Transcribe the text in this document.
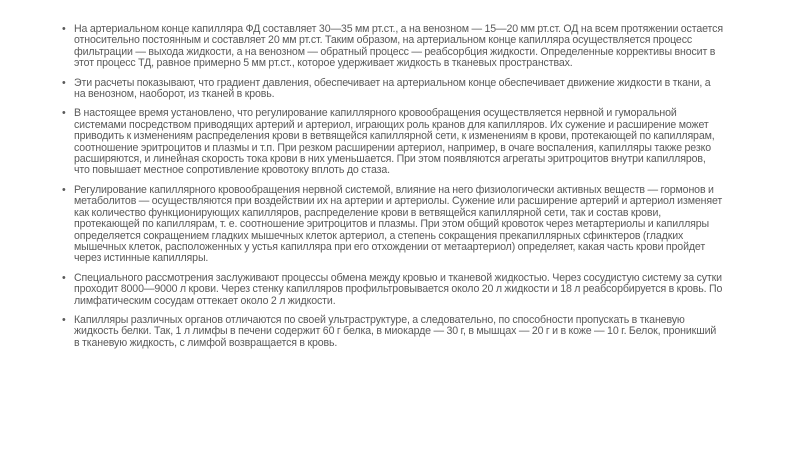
• На артериальном конце капилляра ФД составляет 30—35 мм рт.ст., а на венозном — 15—20 мм рт.ст. ОД на всем протяжении остается относительно постоянным и составляет 20 мм рт.ст. Таким образом, на артериальном конце капилляра осуществляется процесс фильтрации — выхода жидкости, а на венозном — обратный процесс — реабсорбция жидкости. Определенные коррективы вносит в этот процесс ТД, равное примерно 5 мм рт.ст., которое удерживает жидкость в тканевых пространствах.
• Эти расчеты показывают, что градиент давления, обеспечивает на артериальном конце обеспечивает движение жидкости в ткани, а на венозном, наоборот, из тканей в кровь.
• В настоящее время установлено, что регулирование капиллярного кровообращения осуществляется нервной и гуморальной системами посредством приводящих артерий и артериол, играющих роль кранов для капилляров. Их сужение и расширение может приводить к изменениям распределения крови в ветвящейся капиллярной сети, к изменениям в крови, протекающей по капиллярам, соотношение эритроцитов и плазмы и т.п. При резком расширении артериол, например, в очаге воспаления, капилляры также резко расширяются, и линейная скорость тока крови в них уменьшается. При этом появляются агрегаты эритроцитов внутри капилляров, что повышает местное сопротивление кровотоку вплоть до стаза.
• Регулирование капиллярного кровообращения нервной системой, влияние на него физиологически активных веществ — гормонов и метаболитов — осуществляются при воздействии их на артерии и артериолы. Сужение или расширение артерий и артериол изменяет как количество функционирующих капилляров, распределение крови в ветвящейся капиллярной сети, так и состав крови, протекающей по капиллярам, т. е. соотношение эритроцитов и плазмы. При этом общий кровоток через метартериолы и капилляры определяется сокращением гладких мышечных клеток артериол, а степень сокращения прекапиллярных сфинктеров (гладких мышечных клеток, расположенных у устья капилляра при его отхождении от метаартериол) определяет, какая часть крови пройдет через истинные капилляры.
• Специального рассмотрения заслуживают процессы обмена между кровью и тканевой жидкостью. Через сосудистую систему за сутки проходит 8000—9000 л крови. Через стенку капилляров профильтровывается около 20 л жидкости и 18 л реабсорбируется в кровь. По лимфатическим сосудам оттекает около 2 л жидкости.
• Капилляры различных органов отличаются по своей ультраструктуре, а следовательно, по способности пропускать в тканевую жидкость белки. Так, 1 л лимфы в печени содержит 60 г белка, в миокарде — 30 г, в мышцах — 20 г и в коже — 10 г. Белок, проникший в тканевую жидкость, с лимфой возвращается в кровь.
